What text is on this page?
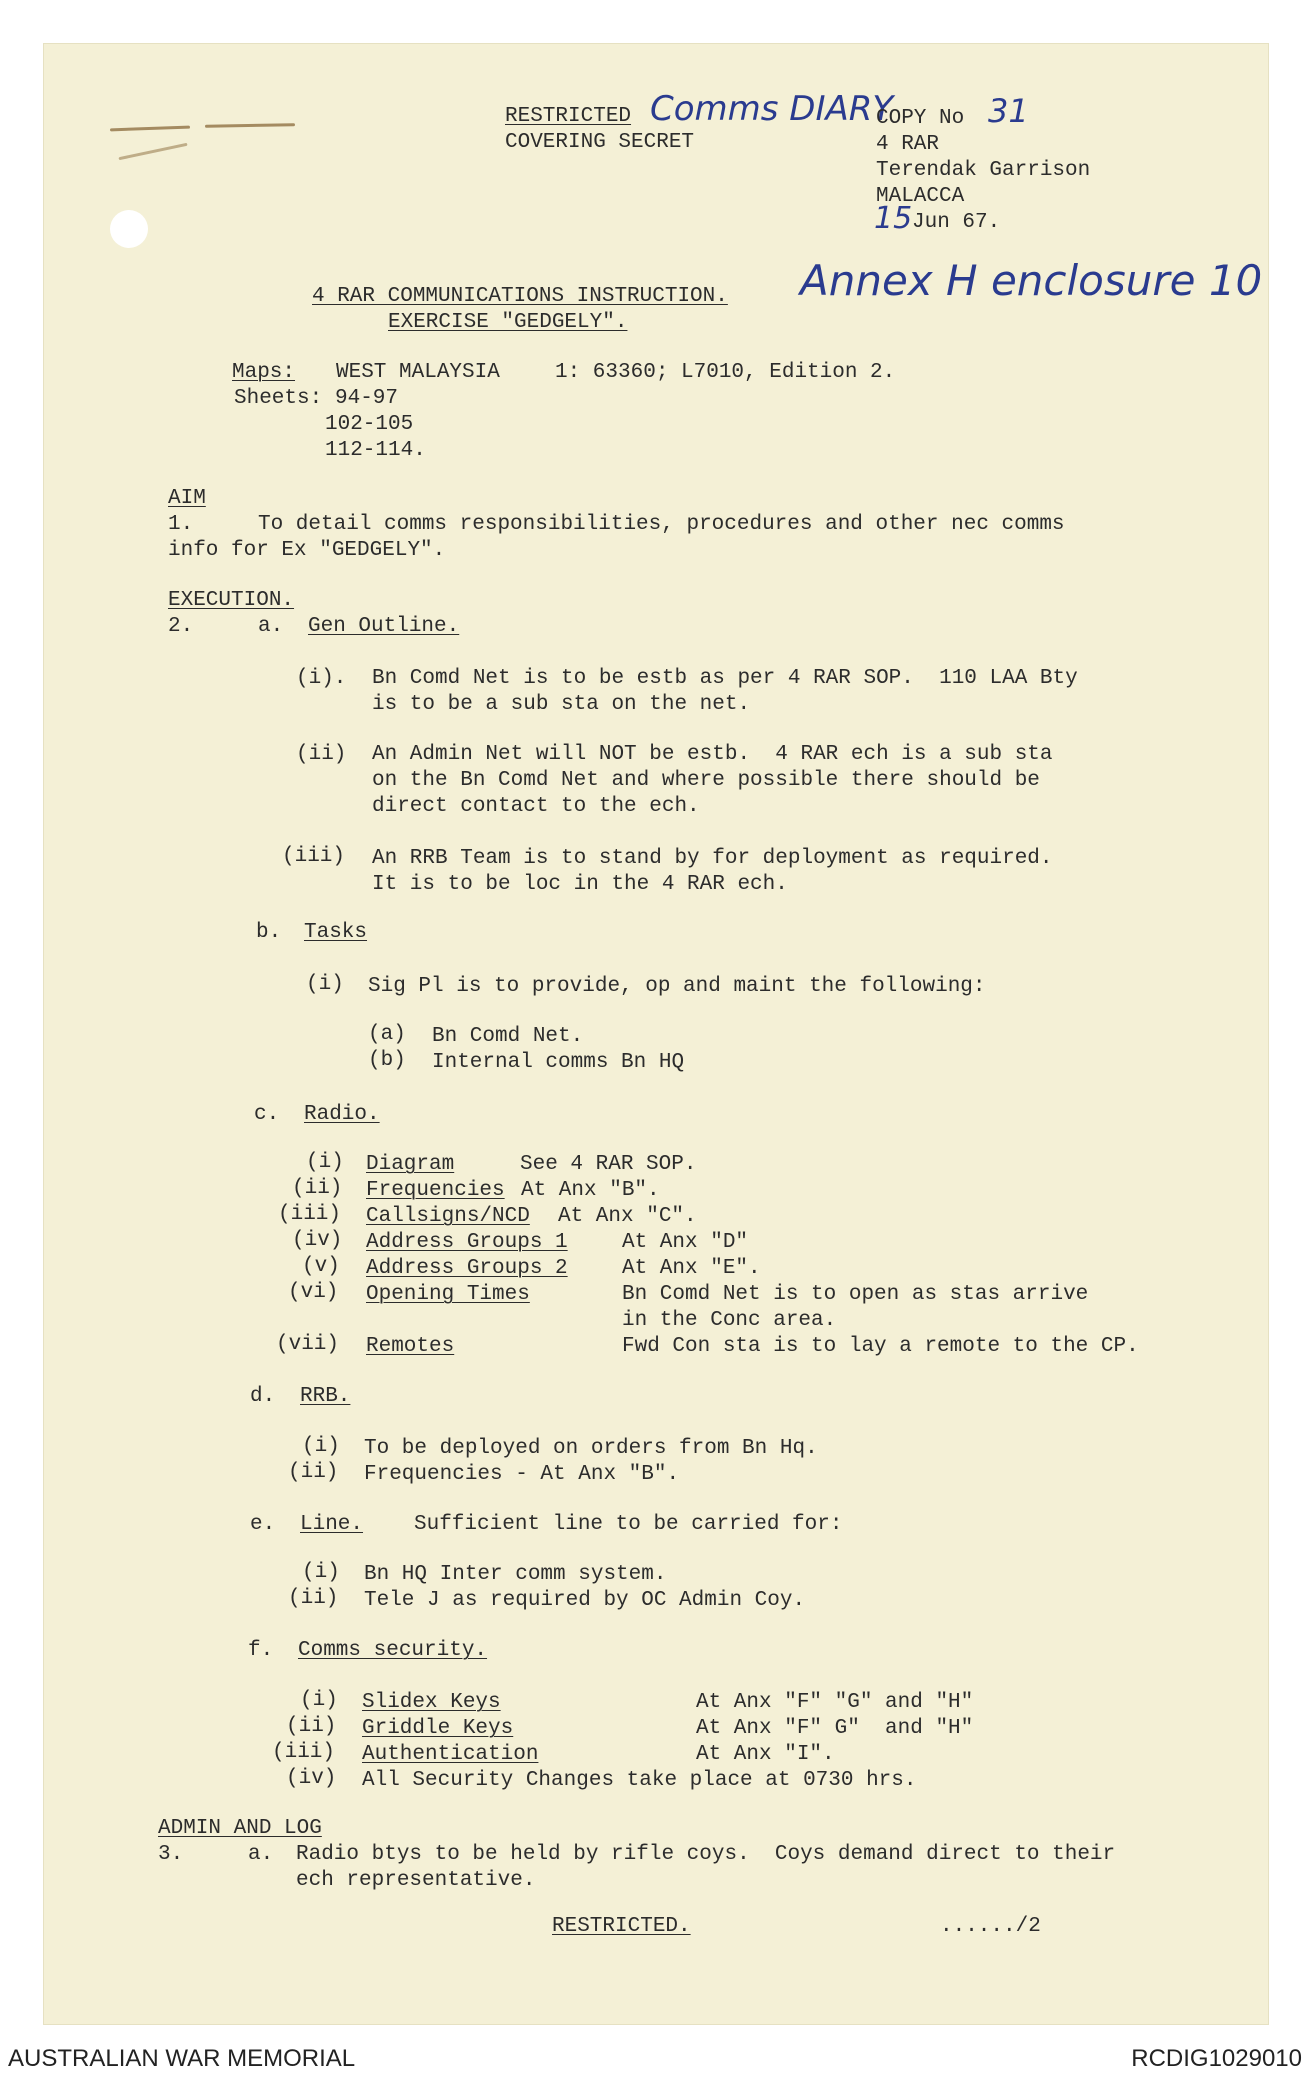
RESTRICTED Comms DIARY
COVERING SECRET
COPY No 31
4 RAR
Terendak Garrison
MALACCA
15 Jun 67.
Annex H enclosure 10
4 RAR COMMUNICATIONS INSTRUCTION.
EXERCISE "GEDGELY".
Maps: WEST MALAYSIA	1: 63360; L7010, Edition 2.
Sheets: 94-97
102-105
112-114.
AIM
1.	To detail comms responsibilities, procedures and other nec comms
info for Ex "GEDGELY".
EXECUTION.
2.	a. Gen Outline.
(i). Bn Comd Net is to be estb as per 4 RAR SOP.  110 LAA Bty
is to be a sub sta on the net.
(ii) An Admin Net will NOT be estb.  4 RAR ech is a sub sta
on the Bn Comd Net and where possible there should be
direct contact to the ech.
(iii) An RRB Team is to stand by for deployment as required.
It is to be loc in the 4 RAR ech.
b. Tasks
(i) Sig Pl is to provide, op and maint the following:
(a) Bn Comd Net.
(b) Internal comms Bn HQ
c. Radio.
(i) Diagram	See 4 RAR SOP.
(ii) Frequencies At Anx "B".
(iii) Callsigns/NCD At Anx "C".
(iv) Address Groups 1	At Anx "D"
(v) Address Groups 2	At Anx "E".
(vi) Opening Times	Bn Comd Net is to open as stas arrive
in the Conc area.
(vii) Remotes	Fwd Con sta is to lay a remote to the CP.
d. RRB.
(i) To be deployed on orders from Bn Hq.
(ii) Frequencies - At Anx "B".
e. Line. Sufficient line to be carried for:
(i) Bn HQ Inter comm system.
(ii) Tele J as required by OC Admin Coy.
f. Comms security.
(i) Slidex Keys	At Anx "F" "G" and "H"
(ii) Griddle Keys	At Anx "F" G"  and "H"
(iii) Authentication	At Anx "I".
(iv) All Security Changes take place at 0730 hrs.
ADMIN AND LOG
3.	a. Radio btys to be held by rifle coys.  Coys demand direct to their
ech representative.
RESTRICTED.	....../2
AUSTRALIAN WAR MEMORIAL	RCDIG1029010
